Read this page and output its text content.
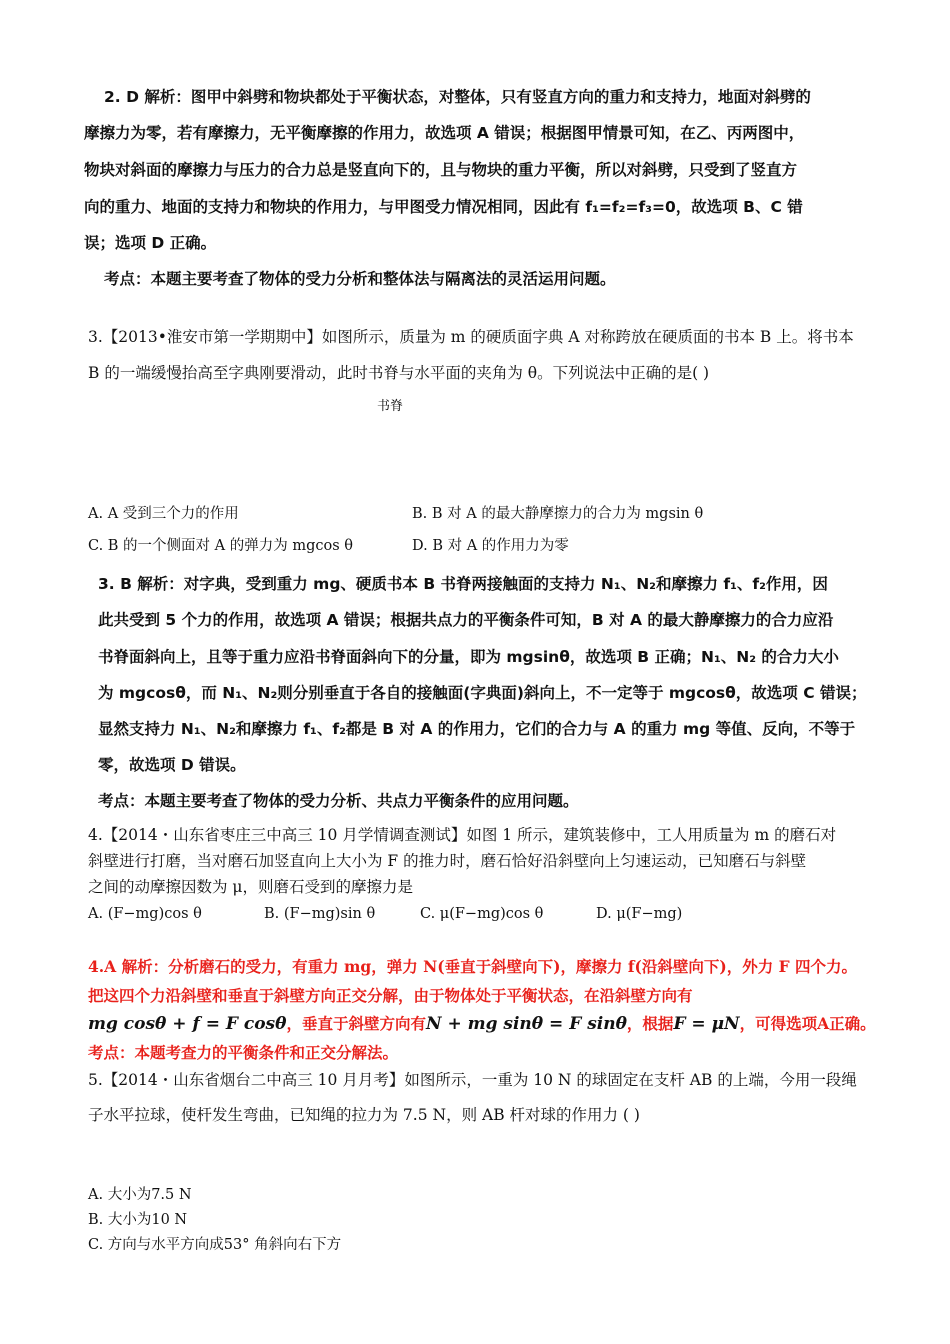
2. D 解析：图甲中斜劈和物块都处于平衡状态，对整体，只有竖直方向的重力和支持力，地面对斜劈的
摩擦力为零，若有摩擦力，无平衡摩擦的作用力，故选项 A 错误；根据图甲情景可知，在乙、丙两图中，
物块对斜面的摩擦力与压力的合力总是竖直向下的，且与物块的重力平衡，所以对斜劈，只受到了竖直方
向的重力、地面的支持力和物块的作用力，与甲图受力情况相同，因此有 f₁=f₂=f₃=0，故选项 B、C 错
误；选项 D 正确。
考点：本题主要考查了物体的受力分析和整体法与隔离法的灵活运用问题。
3.【2013•淮安市第一学期期中】如图所示，质量为 m 的硬质面字典 A 对称跨放在硬质面的书本 B 上。将书本
B 的一端缓慢抬高至字典刚要滑动，此时书脊与水平面的夹角为 θ。下列说法中正确的是( )
书脊
A. A 受到三个力的作用	B. B 对 A 的最大静摩擦力的合力为 mgsin θ
C. B 的一个侧面对 A 的弹力为 mgcos θ	D. B 对 A 的作用力为零
3. B 解析：对字典，受到重力 mg、硬质书本 B 书脊两接触面的支持力 N₁、N₂和摩擦力 f₁、f₂作用，因
此共受到 5 个力的作用，故选项 A 错误；根据共点力的平衡条件可知，B 对 A 的最大静摩擦力的合力应沿
书脊面斜向上，且等于重力应沿书脊面斜向下的分量，即为 mgsinθ，故选项 B 正确；N₁、N₂ 的合力大小
为 mgcosθ，而 N₁、N₂则分别垂直于各自的接触面(字典面)斜向上，不一定等于 mgcosθ，故选项 C 错误；
显然支持力 N₁、N₂和摩擦力 f₁、f₂都是 B 对 A 的作用力，它们的合力与 A 的重力 mg 等值、反向，不等于
零，故选项 D 错误。
考点：本题主要考查了物体的受力分析、共点力平衡条件的应用问题。
4.【2014・山东省枣庄三中高三 10 月学情调查测试】如图 1 所示，建筑装修中，工人用质量为 m 的磨石对
斜壁进行打磨，当对磨石加竖直向上大小为 F 的推力时，磨石恰好沿斜壁向上匀速运动，已知磨石与斜壁
之间的动摩擦因数为 μ，则磨石受到的摩擦力是
A. (F−mg)cos θ	B. (F−mg)sin θ	C. μ(F−mg)cos θ	D. μ(F−mg)
4.A 解析：分析磨石的受力，有重力 mg，弹力 N(垂直于斜壁向下)，摩擦力 f(沿斜壁向下)，外力 F 四个力。
把这四个力沿斜壁和垂直于斜壁方向正交分解，由于物体处于平衡状态，在沿斜壁方向有
mg cosθ + f = F cosθ，垂直于斜壁方向有N + mg sinθ = F sinθ，根据F = μN，可得选项A正确。
考点：本题考查力的平衡条件和正交分解法。
5.【2014・山东省烟台二中高三 10 月月考】如图所示，一重为 10 N 的球固定在支杆 AB 的上端，今用一段绳
子水平拉球，使杆发生弯曲，已知绳的拉力为 7.5 N，则 AB 杆对球的作用力 ( )
A. 大小为7.5 N
B. 大小为10 N
C. 方向与水平方向成53° 角斜向右下方
